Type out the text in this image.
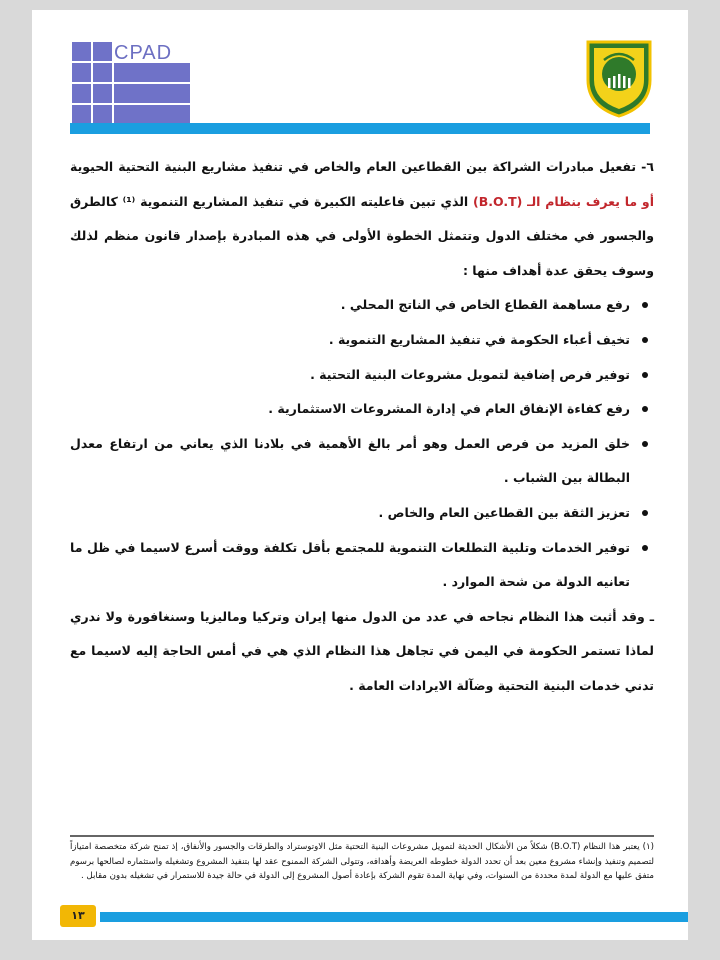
CPAD

٦- تفعيل مبادرات الشراكة بين القطاعين العام والخاص في تنفيذ مشاريع البنية التحتية الحيوية أو ما يعرف بنظام الـ (B.O.T) الذي تبين فاعليته الكبيرة في تنفيذ المشاريع التنموية ⁽¹⁾ كالطرق والجسور في مختلف الدول وتتمثل الخطوة الأولى في هذه المبادرة بإصدار قانون منظم لذلك وسوف يحقق عدة أهداف منها :

رفع مساهمة القطاع الخاص في الناتج المحلي .
تخيف أعباء الحكومة في تنفيذ المشاريع التنموية .
توفير فرص إضافية لتمويل مشروعات البنية التحتية .
رفع كفاءة الإنفاق العام في إدارة المشروعات الاستثمارية .
خلق المزيد من فرص العمل وهو أمر بالغ الأهمية في بلادنا الذي يعاني من ارتفاع معدل البطالة بين الشباب .
تعزيز الثقة بين القطاعين العام والخاص .
توفير الخدمات وتلبية التطلعات التنموية للمجتمع بأقل تكلفة ووقت أسرع لاسيما في ظل ما تعانيه الدولة من شحة الموارد .

ـ وقد أثبت هذا النظام نجاحه في عدد من الدول منها إيران وتركيا وماليزيا وسنغافورة ولا ندري لماذا تستمر الحكومة في اليمن في تجاهل هذا النظام الذي هي في أمس الحاجة إليه لاسيما مع تدني خدمات البنية التحتية وضآلة الايرادات العامة .

(١) يعتبر هذا النظام (B.O.T) شكلاً من الأشكال الحديثة لتمويل مشروعات البنية التحتية مثل الاوتوستراد والطرقات والجسور والأنفاق، إذ تمنح شركة متخصصة امتيازاً لتصميم وتنفيذ وإنشاء مشروع معين بعد أن تحدد الدولة خطوطه العريضة وأهدافه، وتتولى الشركة الممنوح عقد لها بتنفيذ المشروع وتشغيله واستثماره لصالحها برسوم متفق عليها مع الدولة لمدة محددة من السنوات، وفي نهاية المدة تقوم الشركة بإعادة أصول المشروع إلى الدولة في حالة جيدة للاستمرار في تشغيله بدون مقابل .
١٣
